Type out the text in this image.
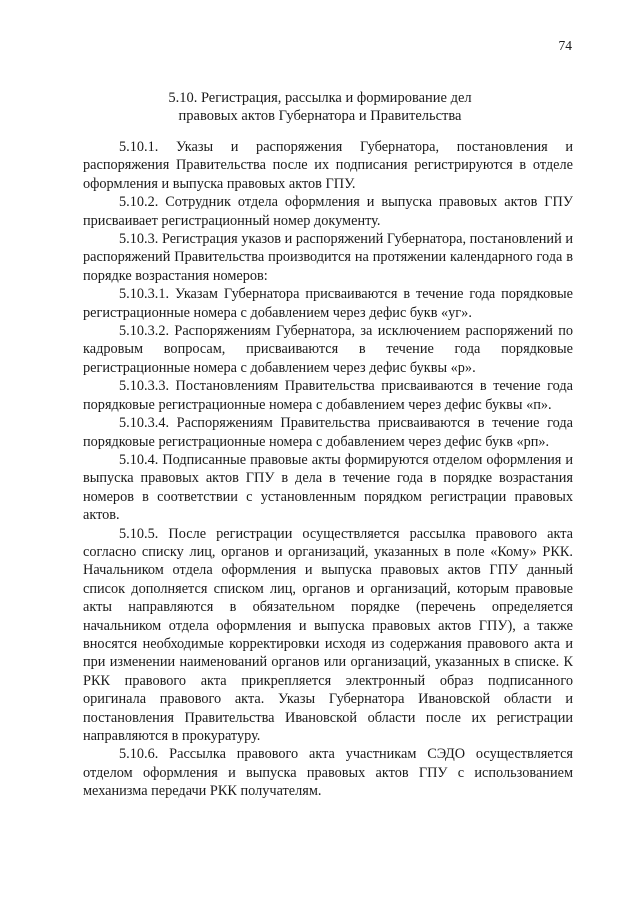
74
5.10. Регистрация, рассылка и формирование дел
правовых актов Губернатора и Правительства

5.10.1. Указы и распоряжения Губернатора, постановления и распоряжения Правительства после их подписания регистрируются в отделе оформления и выпуска правовых актов ГПУ.

5.10.2. Сотрудник отдела оформления и выпуска правовых актов ГПУ присваивает регистрационный номер документу.

5.10.3. Регистрация указов и распоряжений Губернатора, постановлений и распоряжений Правительства производится на протяжении календарного года в порядке возрастания номеров:

5.10.3.1. Указам Губернатора присваиваются в течение года порядковые регистрационные номера с добавлением через дефис букв «уг».

5.10.3.2. Распоряжениям Губернатора, за исключением распоряжений по кадровым вопросам, присваиваются в течение года порядковые регистрационные номера с добавлением через дефис буквы «р».

5.10.3.3. Постановлениям Правительства присваиваются в течение года порядковые регистрационные номера с добавлением через дефис буквы «п».

5.10.3.4. Распоряжениям Правительства присваиваются в течение года порядковые регистрационные номера с добавлением через дефис букв «рп».

5.10.4. Подписанные правовые акты формируются отделом оформления и выпуска правовых актов ГПУ в дела в течение года в порядке возрастания номеров в соответствии с установленным порядком регистрации правовых актов.

5.10.5. После регистрации осуществляется рассылка правового акта согласно списку лиц, органов и организаций, указанных в поле «Кому» РКК. Начальником отдела оформления и выпуска правовых актов ГПУ данный список дополняется списком лиц, органов и организаций, которым правовые акты направляются в обязательном порядке (перечень определяется начальником отдела оформления и выпуска правовых актов ГПУ), а также вносятся необходимые корректировки исходя из содержания правового акта и при изменении наименований органов или организаций, указанных в списке. К РКК правового акта прикрепляется электронный образ подписанного оригинала правового акта. Указы Губернатора Ивановской области и постановления Правительства Ивановской области после их регистрации направляются в прокуратуру.

5.10.6. Рассылка правового акта участникам СЭДО осуществляется отделом оформления и выпуска правовых актов ГПУ с использованием механизма передачи РКК получателям.
